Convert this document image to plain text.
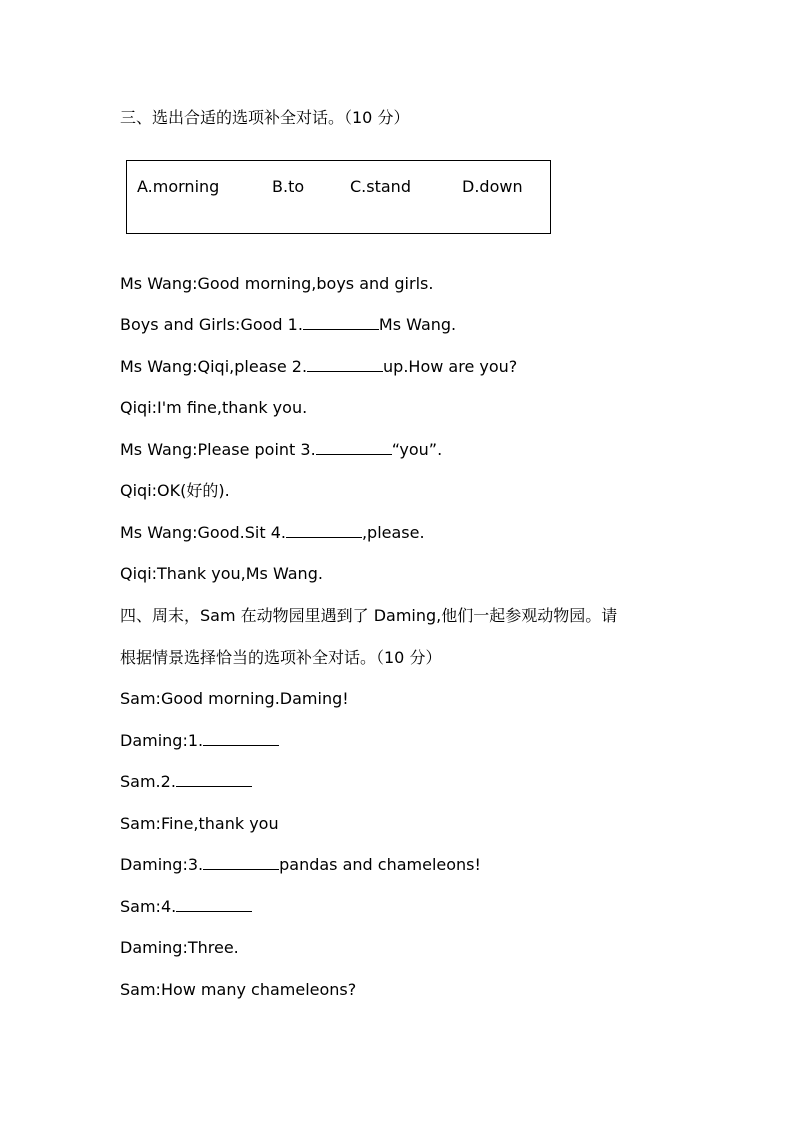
三、选出合适的选项补全对话。（10 分）
A.morning	B.to	C.stand	D.down
Ms Wang:Good morning,boys and girls.
Boys and Girls:Good 1.	Ms Wang.
Ms Wang:Qiqi,please 2.	up.How are you?
Qiqi:I'm fine,thank you.
Ms Wang:Please point 3.	“you”.
Qiqi:OK(好的).
Ms Wang:Good.Sit 4.	,please.
Qiqi:Thank you,Ms Wang.
四、周末，Sam 在动物园里遇到了 Daming,他们一起参观动物园。请
根据情景选择恰当的选项补全对话。（10 分）
Sam:Good morning.Daming!
Daming:1.
Sam.2.
Sam:Fine,thank you
Daming:3.	pandas and chameleons!
Sam:4.
Daming:Three.
Sam:How many chameleons?
